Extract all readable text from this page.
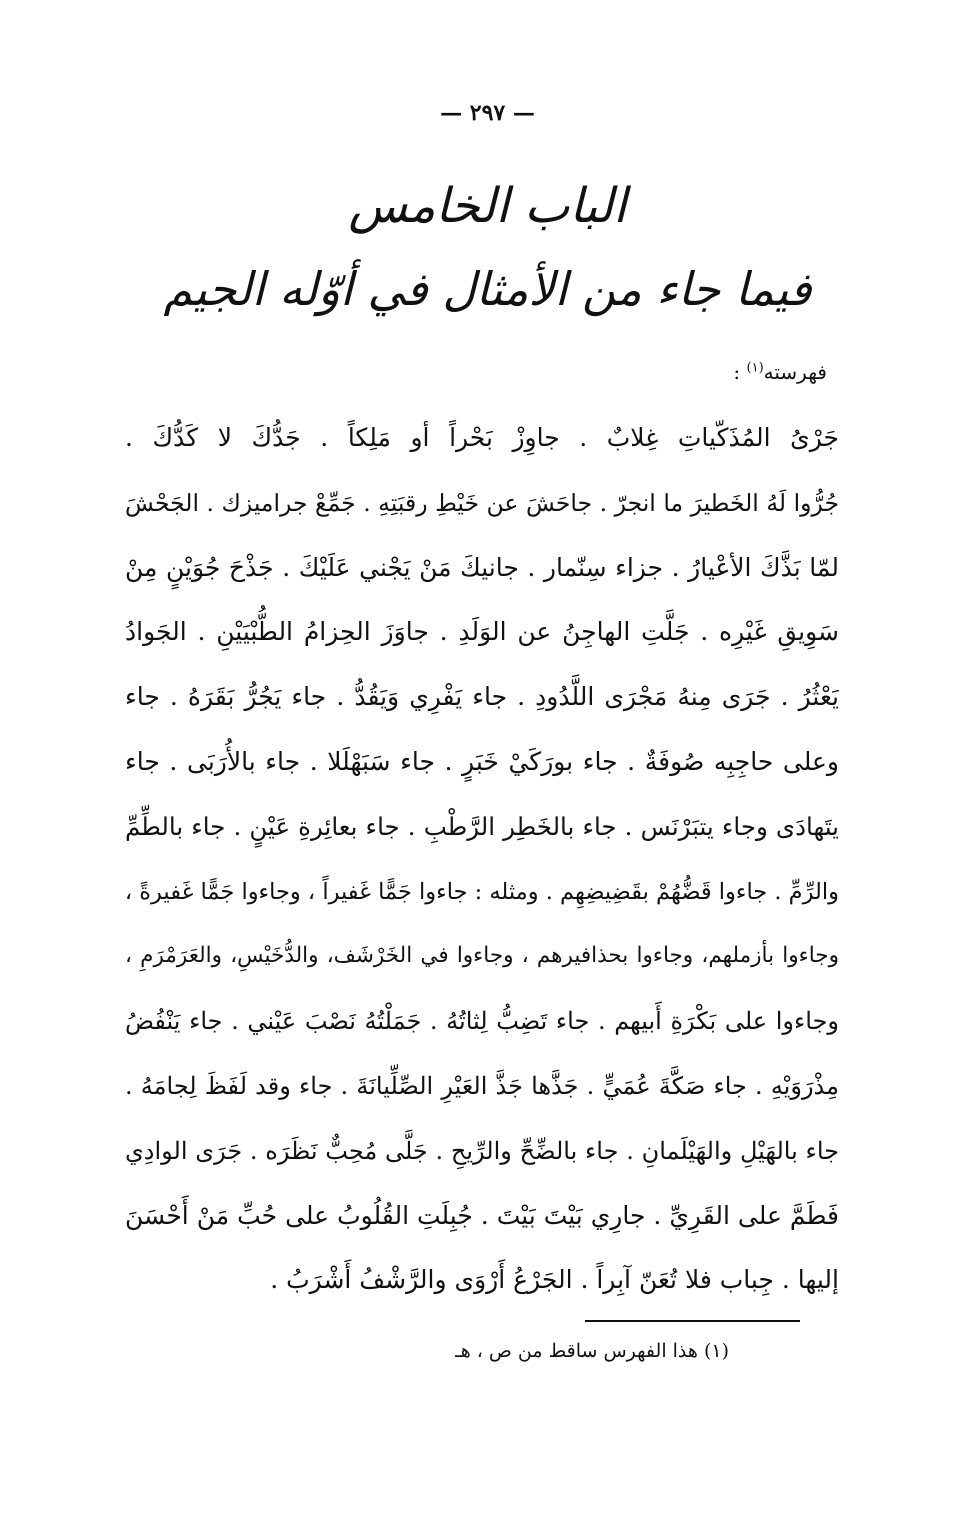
— ٢٩٧ —
الباب الخامس
فيما جاء من الأمثال في أوّله الجيم
فهرسته$^{(١)}$ :
جَرْىُ المُذَكّياتِ غِلابٌ . جاوِزْ بَحْراً أو مَلِكاً . جَدُّكَ لا كَدُّكَ .
جُرُّوا لَهُ الخَطيرَ ما انجرّ . جاحَشَ عن خَيْطِ رقبَتِهِ . جَمِّعْ جراميزك . الجَحْشَ
لمّا بَذَّكَ الأعْيارُ . جزاء سِنّمار . جانيكَ مَنْ يَجْني عَلَيْكَ . جَذْحَ جُوَيْنٍ مِنْ
سَوِيقِ غَيْرِه . جَلَّتِ الهاجِنُ عن الوَلَدِ . جاوَزَ الحِزامُ الطُّبْيَيْنِ . الجَوادُ
يَعْثُرُ . جَرَى مِنهُ مَجْرَى اللَّدُودِ . جاء يَفْرِي وَيَقُدُّ . جاء يَجُرُّ بَقَرَهُ . جاء
وعلى حاجِبِه صُوفَةٌ . جاء بورَكَيْ خَبَرٍ . جاء سَبَهْلَلا . جاء بالأُرَبَى . جاء
يتَهادَى وجاء يتبَرْنَس . جاء بالخَطِر الرَّطْبِ . جاء بعائِرةِ عَيْنٍ . جاء بالطِّمِّ
والرِّمِّ . جاءوا قَضُّهُمْ بقَضِيضِهِم . ومثله : جاءوا جَمًّا غَفيراً ، وجاءوا جَمًّا غَفيرةً ،
وجاءوا بأزملهم، وجاءوا بحذافيرهم ، وجاءوا في الخَرْشَف، والدُّخَيْسِ، والعَرَمْرَمِ ،
وجاءوا على بَكْرَةِ أَبيهم . جاء تَضِبُّ لِثاتُهُ . جَمَلْتُهُ نَصْبَ عَيْني . جاء يَنْفُضُ
مِذْرَوَيْهِ . جاء صَكَّةَ عُمَيٍّ . جَذَّها جَذَّ العَيْرِ الصِّلِّيانَةَ . جاء وقد لَفَظَ لِجامَهُ .
جاء بالهَيْلِ والهَيْلَمانِ . جاء بالضِّحِّ والرِّيحِ . جَلَّى مُحِبٌّ نَظَرَه . جَرَى الوادِي
فَطَمَّ على القَرِيِّ . جارِي بَيْتَ بَيْتَ . جُبِلَتِ القُلُوبُ على حُبِّ مَنْ أَحْسَنَ
إليها . جِباب فلا تُعَنّ آبِراً . الجَرْعُ أَرْوَى والرَّشْفُ أَشْرَبُ .
(١) هذا الفهرس ساقط من ص ، هـ
